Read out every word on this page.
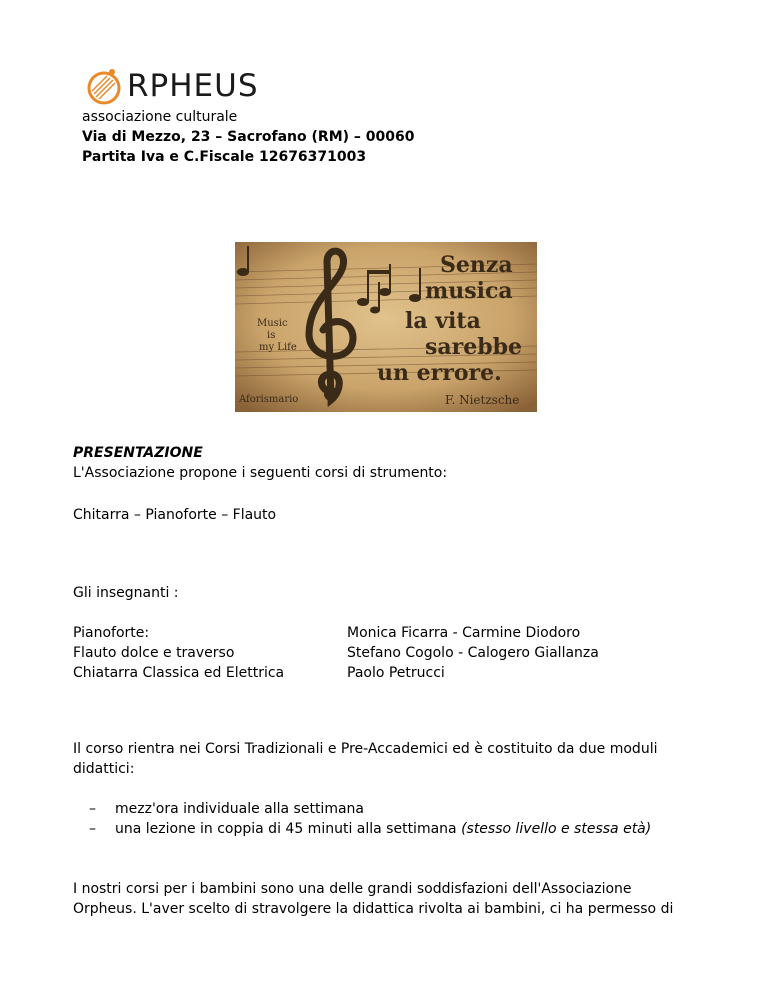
RPHEUS
associazione culturale
Via di Mezzo, 23 – Sacrofano (RM) – 00060
Partita Iva e C.Fiscale 12676371003
Senza
musica
la vita
sarebbe
un errore.
F. Nietzsche
Music
is
my Life
Aforismario
PRESENTAZIONE
L'Associazione propone i seguenti corsi di strumento:
Chitarra – Pianoforte – Flauto
Gli insegnanti :
Pianoforte:	Monica Ficarra - Carmine Diodoro
Flauto dolce e traverso	Stefano Cogolo - Calogero Giallanza
Chiatarra Classica ed Elettrica	Paolo Petrucci
Il corso rientra nei Corsi Tradizionali e Pre-Accademici ed è costituito da due moduli
didattici:
– mezz'ora individuale alla settimana
– una lezione in coppia di 45 minuti alla settimana (stesso livello e stessa età)
I nostri corsi per i bambini sono una delle grandi soddisfazioni dell'Associazione
Orpheus. L'aver scelto di stravolgere la didattica rivolta ai bambini, ci ha permesso di
